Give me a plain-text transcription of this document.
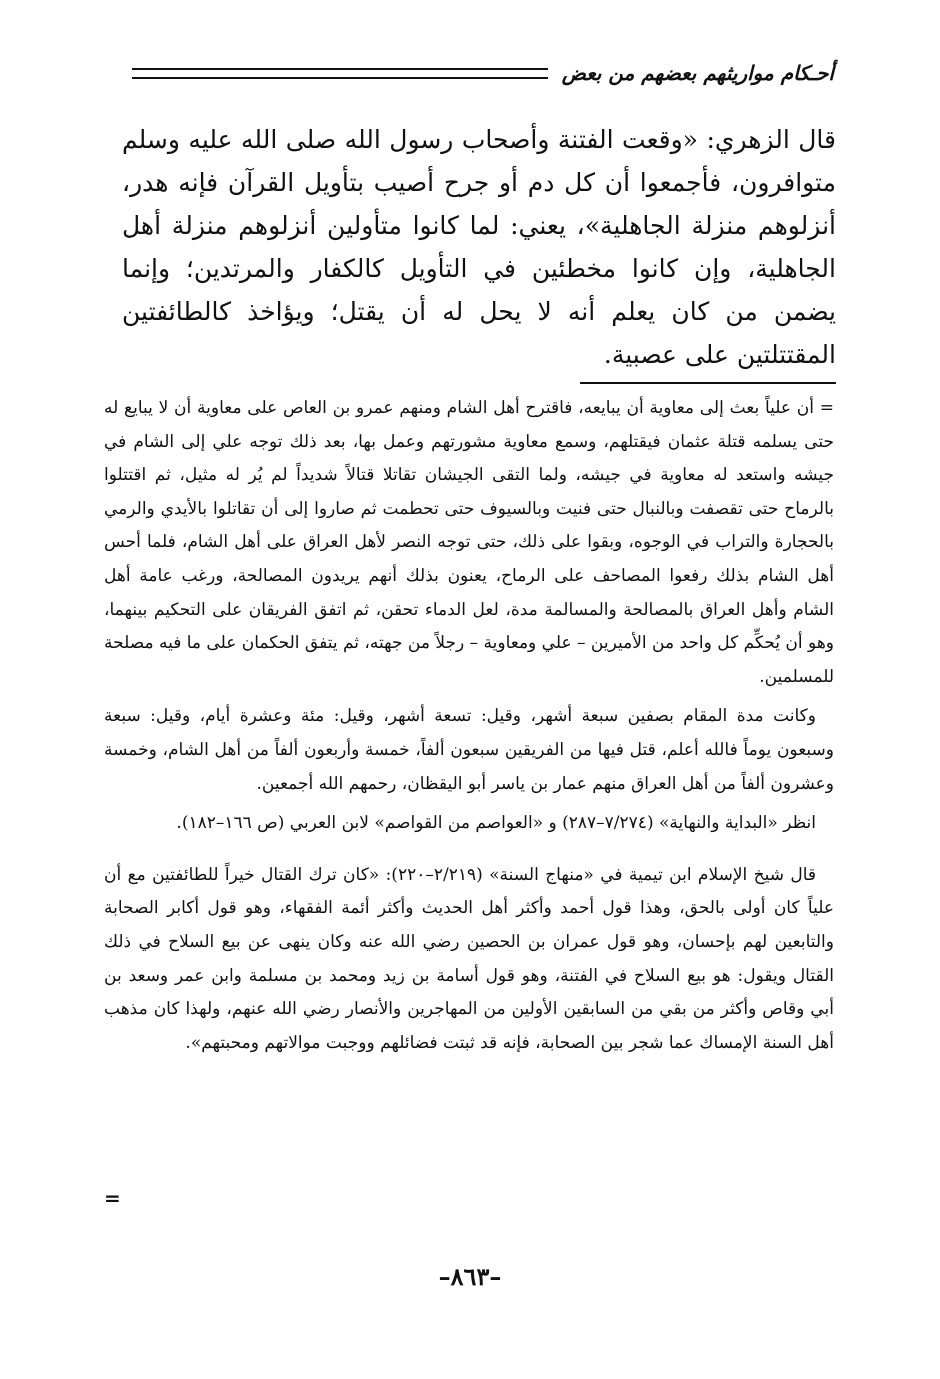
أحـكام مواريثهم بعضهم من بعض

قال الزهري: «وقعت الفتنة وأصحاب رسول الله صلى الله عليه وسلم متوافرون، فأجمعوا أن كل دم أو جرح أصيب بتأويل القرآن فإنه هدر، أنزلوهم منزلة الجاهلية»، يعني: لما كانوا متأولين أنزلوهم منزلة أهل الجاهلية، وإن كانوا مخطئين في التأويل كالكفار والمرتدين؛ وإنما يضمن من كان يعلم أنه لا يحل له أن يقتل؛ ويؤاخذ كالطائفتين المقتتلتين على عصبية.

= أن علياً بعث إلى معاوية أن يبايعه، فاقترح أهل الشام ومنهم عمرو بن العاص على معاوية أن لا يبايع له حتى يسلمه قتلة عثمان فيقتلهم، وسمع معاوية مشورتهم وعمل بها، بعد ذلك توجه علي إلى الشام في جيشه واستعد له معاوية في جيشه، ولما التقى الجيشان تقاتلا قتالاً شديداً لم يُر له مثيل، ثم اقتتلوا بالرماح حتى تقصفت وبالنبال حتى فنيت وبالسيوف حتى تحطمت ثم صاروا إلى أن تقاتلوا بالأيدي والرمي بالحجارة والتراب في الوجوه، وبقوا على ذلك، حتى توجه النصر لأهل العراق على أهل الشام، فلما أحس أهل الشام بذلك رفعوا المصاحف على الرماح، يعنون بذلك أنهم يريدون المصالحة، ورغب عامة أهل الشام وأهل العراق بالمصالحة والمسالمة مدة، لعل الدماء تحقن، ثم اتفق الفريقان على التحكيم بينهما، وهو أن يُحكِّم كل واحد من الأميرين – علي ومعاوية – رجلاً من جهته، ثم يتفق الحكمان على ما فيه مصلحة للمسلمين.

وكانت مدة المقام بصفين سبعة أشهر، وقيل: تسعة أشهر، وقيل: مئة وعشرة أيام، وقيل: سبعة وسبعون يوماً فالله أعلم، قتل فيها من الفريقين سبعون ألفاً، خمسة وأربعون ألفاً من أهل الشام، وخمسة وعشرون ألفاً من أهل العراق منهم عمار بن ياسر أبو اليقظان، رحمهم الله أجمعين.

انظر «البداية والنهاية» (٧/٢٧٤–٢٨٧) و «العواصم من القواصم» لابن العربي (ص ١٦٦–١٨٢).

قال شيخ الإسلام ابن تيمية في «منهاج السنة» (٢/٢١٩–٢٢٠): «كان ترك القتال خيراً للطائفتين مع أن علياً كان أولى بالحق، وهذا قول أحمد وأكثر أهل الحديث وأكثر أئمة الفقهاء، وهو قول أكابر الصحابة والتابعين لهم بإحسان، وهو قول عمران بن الحصين رضي الله عنه وكان ينهى عن بيع السلاح في ذلك القتال ويقول: هو بيع السلاح في الفتنة، وهو قول أسامة بن زيد ومحمد بن مسلمة وابن عمر وسعد بن أبي وقاص وأكثر من بقي من السابقين الأولين من المهاجرين والأنصار رضي الله عنهم، ولهذا كان مذهب أهل السنة الإمساك عما شجر بين الصحابة، فإنه قد ثبتت فضائلهم ووجبت موالاتهم ومحبتهم».

=
–٨٦٣–
